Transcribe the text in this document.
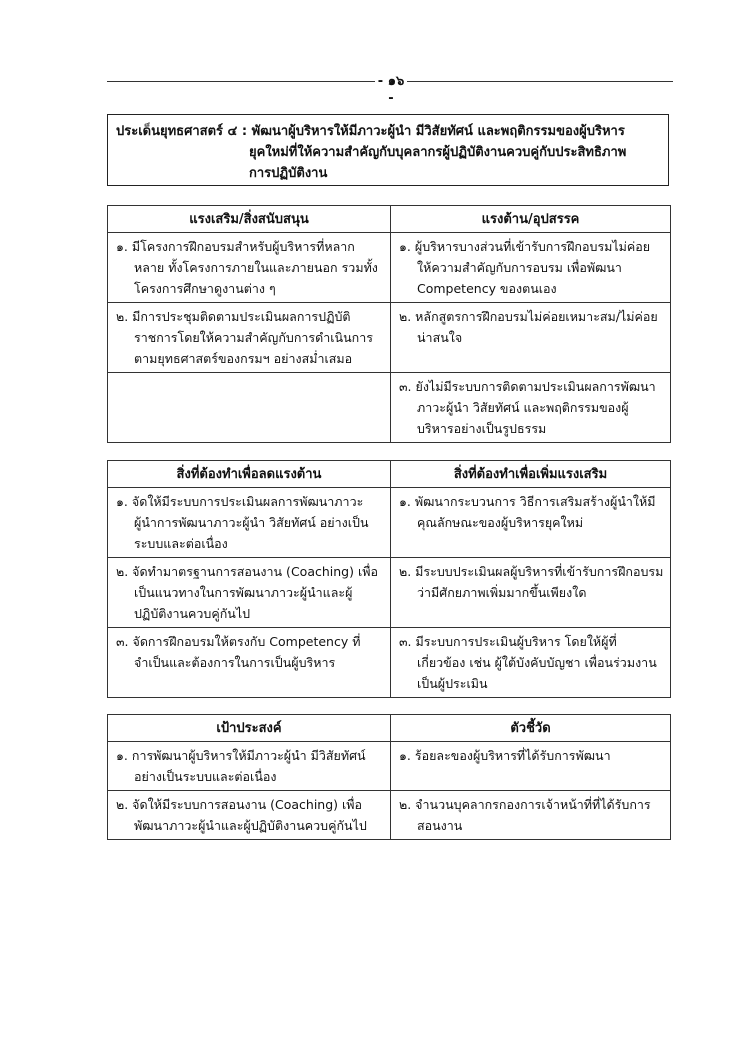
- ๑๖ -
ประเด็นยุทธศาสตร์ ๔ : พัฒนาผู้บริหารให้มีภาวะผู้นำ มีวิสัยทัศน์ และพฤติกรรมของผู้บริหาร
ยุคใหม่ที่ให้ความสำคัญกับบุคลากรผู้ปฏิบัติงานควบคู่กับประสิทธิภาพ
การปฏิบัติงาน
แรงเสริม/สิ่งสนับสนุน	แรงต้าน/อุปสรรค

๑. มีโครงการฝึกอบรมสำหรับผู้บริหารที่หลากหลาย ทั้งโครงการภายในและภายนอก รวมทั้งโครงการศึกษาดูงานต่าง ๆ	๑. ผู้บริหารบางส่วนที่เข้ารับการฝึกอบรมไม่ค่อยให้ความสำคัญกับการอบรม เพื่อพัฒนา Competency ของตนเอง

๒. มีการประชุมติดตามประเมินผลการปฏิบัติราชการโดยให้ความสำคัญกับการดำเนินการตามยุทธศาสตร์ของกรมฯ อย่างสม่ำเสมอ	๒. หลักสูตรการฝึกอบรมไม่ค่อยเหมาะสม/ไม่ค่อยน่าสนใจ

	๓. ยังไม่มีระบบการติดตามประเมินผลการพัฒนาภาวะผู้นำ วิสัยทัศน์ และพฤติกรรมของผู้บริหารอย่างเป็นรูปธรรม
สิ่งที่ต้องทำเพื่อลดแรงต้าน	สิ่งที่ต้องทำเพื่อเพิ่มแรงเสริม

๑. จัดให้มีระบบการประเมินผลการพัฒนาภาวะผู้นำการพัฒนาภาวะผู้นำ วิสัยทัศน์ อย่างเป็นระบบและต่อเนื่อง	๑. พัฒนากระบวนการ วิธีการเสริมสร้างผู้นำให้มีคุณลักษณะของผู้บริหารยุคใหม่

๒. จัดทำมาตรฐานการสอนงาน (Coaching) เพื่อเป็นแนวทางในการพัฒนาภาวะผู้นำและผู้ปฏิบัติงานควบคู่กันไป	๒. มีระบบประเมินผลผู้บริหารที่เข้ารับการฝึกอบรมว่ามีศักยภาพเพิ่มมากขึ้นเพียงใด

๓. จัดการฝึกอบรมให้ตรงกับ Competency ที่จำเป็นและต้องการในการเป็นผู้บริหาร	๓. มีระบบการประเมินผู้บริหาร โดยให้ผู้ที่เกี่ยวข้อง เช่น ผู้ใต้บังคับบัญชา เพื่อนร่วมงานเป็นผู้ประเมิน
เป้าประสงค์	ตัวชี้วัด

๑. การพัฒนาผู้บริหารให้มีภาวะผู้นำ มีวิสัยทัศน์อย่างเป็นระบบและต่อเนื่อง	๑. ร้อยละของผู้บริหารที่ได้รับการพัฒนา

๒. จัดให้มีระบบการสอนงาน (Coaching) เพื่อพัฒนาภาวะผู้นำและผู้ปฏิบัติงานควบคู่กันไป	๒. จำนวนบุคลากรกองการเจ้าหน้าที่ที่ได้รับการสอนงาน
